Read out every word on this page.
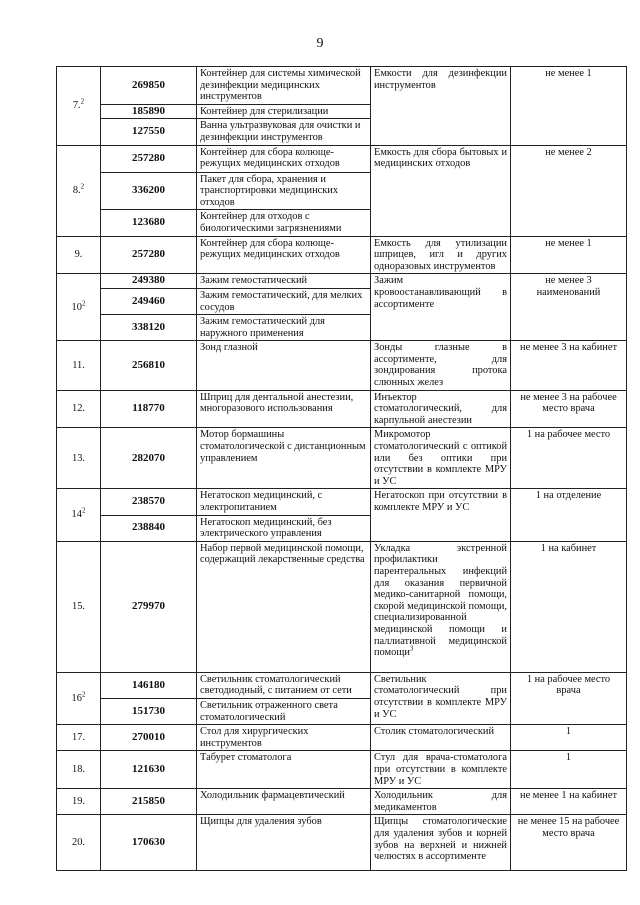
9
7.$^2$	269850	Контейнер для системы химической дезинфекции медицинских инструментов	Емкости для дезинфекции инструментов	не менее 1
	185890	Контейнер для стерилизации		
	127550	Ванна ультразвуковая для очистки и дезинфекции инструментов		
8.$^2$	257280	Контейнер для сбора колюще-режущих медицинских отходов	Емкость для сбора бытовых и медицинских отходов	не менее 2
	336200	Пакет для сбора, хранения и транспортировки медицинских отходов		
	123680	Контейнер для отходов с биологическими загрязнениями		
9.	257280	Контейнер для сбора колюще-режущих медицинских отходов	Емкость для утилизации шприцев, игл и других одноразовых инструментов	не менее 1
$10^2$	249380	Зажим гемостатический	Зажим кровоостанавливающий в ассортименте	не менее 3 наименований
	249460	Зажим гемостатический, для мелких сосудов		
	338120	Зажим гемостатический для наружного применения		
11.	256810	Зонд глазной	Зонды глазные в ассортименте, для зондирования протока слюнных желез	не менее 3 на кабинет
12.	118770	Шприц для дентальной анестезии, многоразового использования	Инъектор стоматологический, для карпульной анестезии	не менее 3 на рабочее место врача
13.	282070	Мотор бормашины стоматологической с дистанционным управлением	Микромотор стоматологический с оптикой или без оптики при отсутствии в комплекте МРУ и УС	1 на рабочее место
$14^2$	238570	Негатоскоп медицинский, с электропитанием	Негатоскоп при отсутствии в комплекте МРУ и УС	1 на отделение
	238840	Негатоскоп медицинский, без электрического управления		
15.	279970	Набор первой медицинской помощи, содержащий лекарственные средства	Укладка экстренной профилактики парентеральных инфекций для оказания первичной медико-санитарной помощи, скорой медицинской помощи, специализированной медицинской помощи и паллиативной медицинской помощи$^3$	1 на кабинет
$16^2$	146180	Светильник стоматологический светодиодный, с питанием от сети	Светильник стоматологический при отсутствии в комплекте МРУ и УС	1 на рабочее место врача
	151730	Светильник отраженного света стоматологический		
17.	270010	Стол для хирургических инструментов	Столик стоматологический	1
18.	121630	Табурет стоматолога	Стул для врача-стоматолога при отсутствии в комплекте МРУ и УС	1
19.	215850	Холодильник фармацевтический	Холодильник для медикаментов	не менее 1 на кабинет
20.	170630	Щипцы для удаления зубов	Щипцы стоматологические для удаления зубов и корней зубов на верхней и нижней челюстях в ассортименте	не менее 15 на рабочее место врача
